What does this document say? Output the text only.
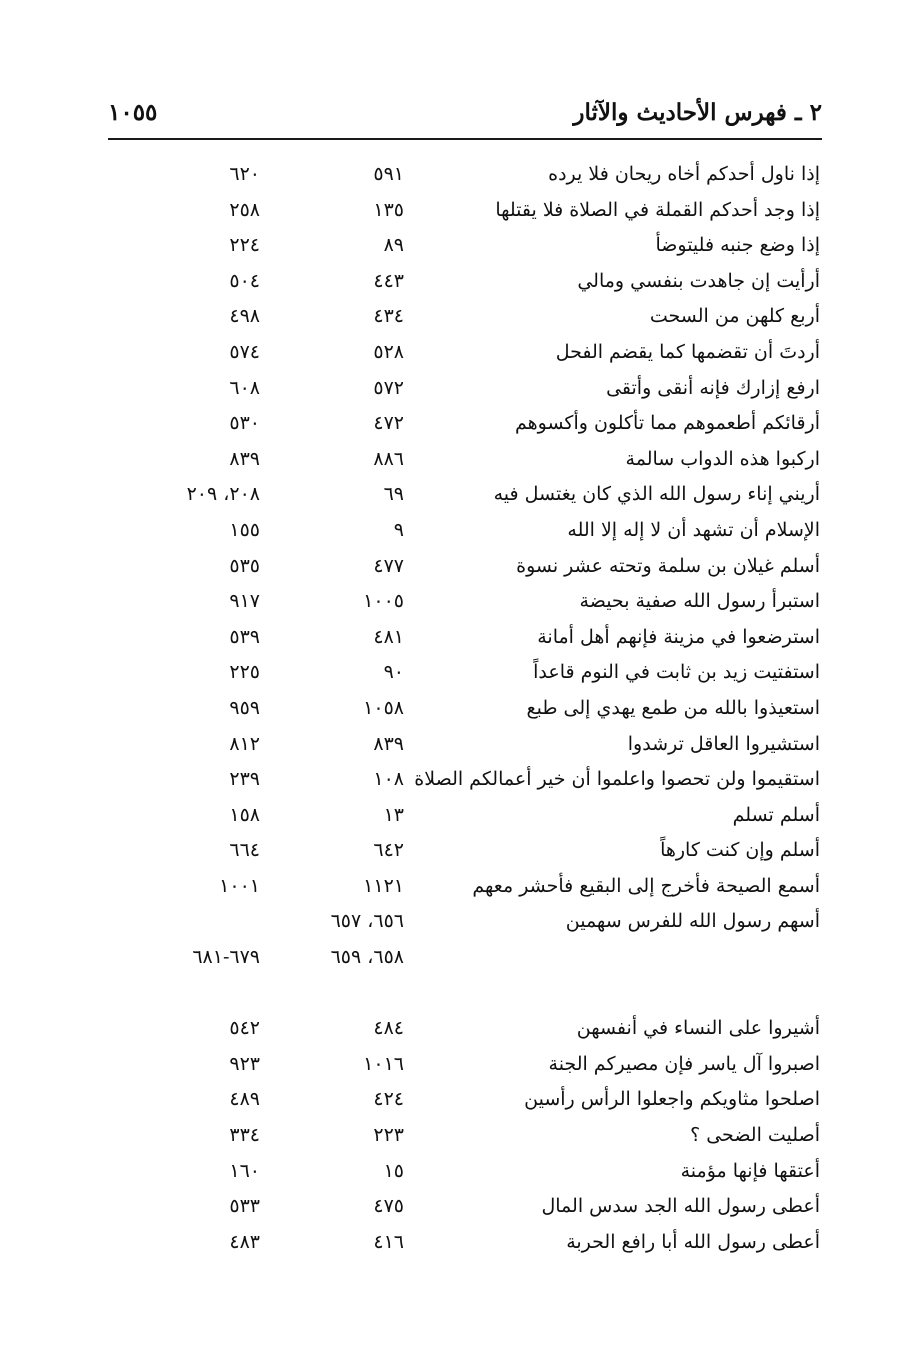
١٠٥٥	٢ ـ فهرس الأحاديث والآثار
إذا ناول أحدكم أخاه ريحان فلا يرده
٥٩١
٦٢٠
إذا وجد أحدكم القملة في الصلاة فلا يقتلها
١٣٥
٢٥٨
إذا وضع جنبه فليتوضأ
٨٩
٢٢٤
أرأيت إن جاهدت بنفسي ومالي
٤٤٣
٥٠٤
أربع كلهن من السحت
٤٣٤
٤٩٨
أردتَ أن تقضمها كما يقضم الفحل
٥٢٨
٥٧٤
ارفع إزارك فإنه أنقى وأتقى
٥٧٢
٦٠٨
أرقائكم أطعموهم مما تأكلون وأكسوهم
٤٧٢
٥٣٠
اركبوا هذه الدواب سالمة
٨٨٦
٨٣٩
أريني إناء رسول الله الذي كان يغتسل فيه
٦٩
٢٠٨، ٢٠٩
الإسلام أن تشهد أن لا إله إلا الله
٩
١٥٥
أسلم غيلان بن سلمة وتحته عشر نسوة
٤٧٧
٥٣٥
استبرأ رسول الله صفية بحيضة
١٠٠٥
٩١٧
استرضعوا في مزينة فإنهم أهل أمانة
٤٨١
٥٣٩
استفتيت زيد بن ثابت في النوم قاعداً
٩٠
٢٢٥
استعيذوا بالله من طمع يهدي إلى طبع
١٠٥٨
٩٥٩
استشيروا العاقل ترشدوا
٨٣٩
٨١٢
استقيموا ولن تحصوا واعلموا أن خير أعمالكم الصلاة
١٠٨
٢٣٩
أسلم تسلم
١٣
١٥٨
أسلم وإن كنت كارهاً
٦٤٢
٦٦٤
أسمع الصيحة فأخرج إلى البقيع فأحشر معهم
١١٢١
١٠٠١
أسهم رسول الله للفرس سهمين
٦٥٦، ٦٥٧
٦٥٨، ٦٥٩
٦٧٩-٦٨١
أشيروا على النساء في أنفسهن
٤٨٤
٥٤٢
اصبروا آل ياسر فإن مصيركم الجنة
١٠١٦
٩٢٣
اصلحوا مثاويكم واجعلوا الرأس رأسين
٤٢٤
٤٨٩
أصليت الضحى ؟
٢٢٣
٣٣٤
أعتقها فإنها مؤمنة
١٥
١٦٠
أعطى رسول الله الجد سدس المال
٤٧٥
٥٣٣
أعطى رسول الله أبا رافع الحربة
٤١٦
٤٨٣
